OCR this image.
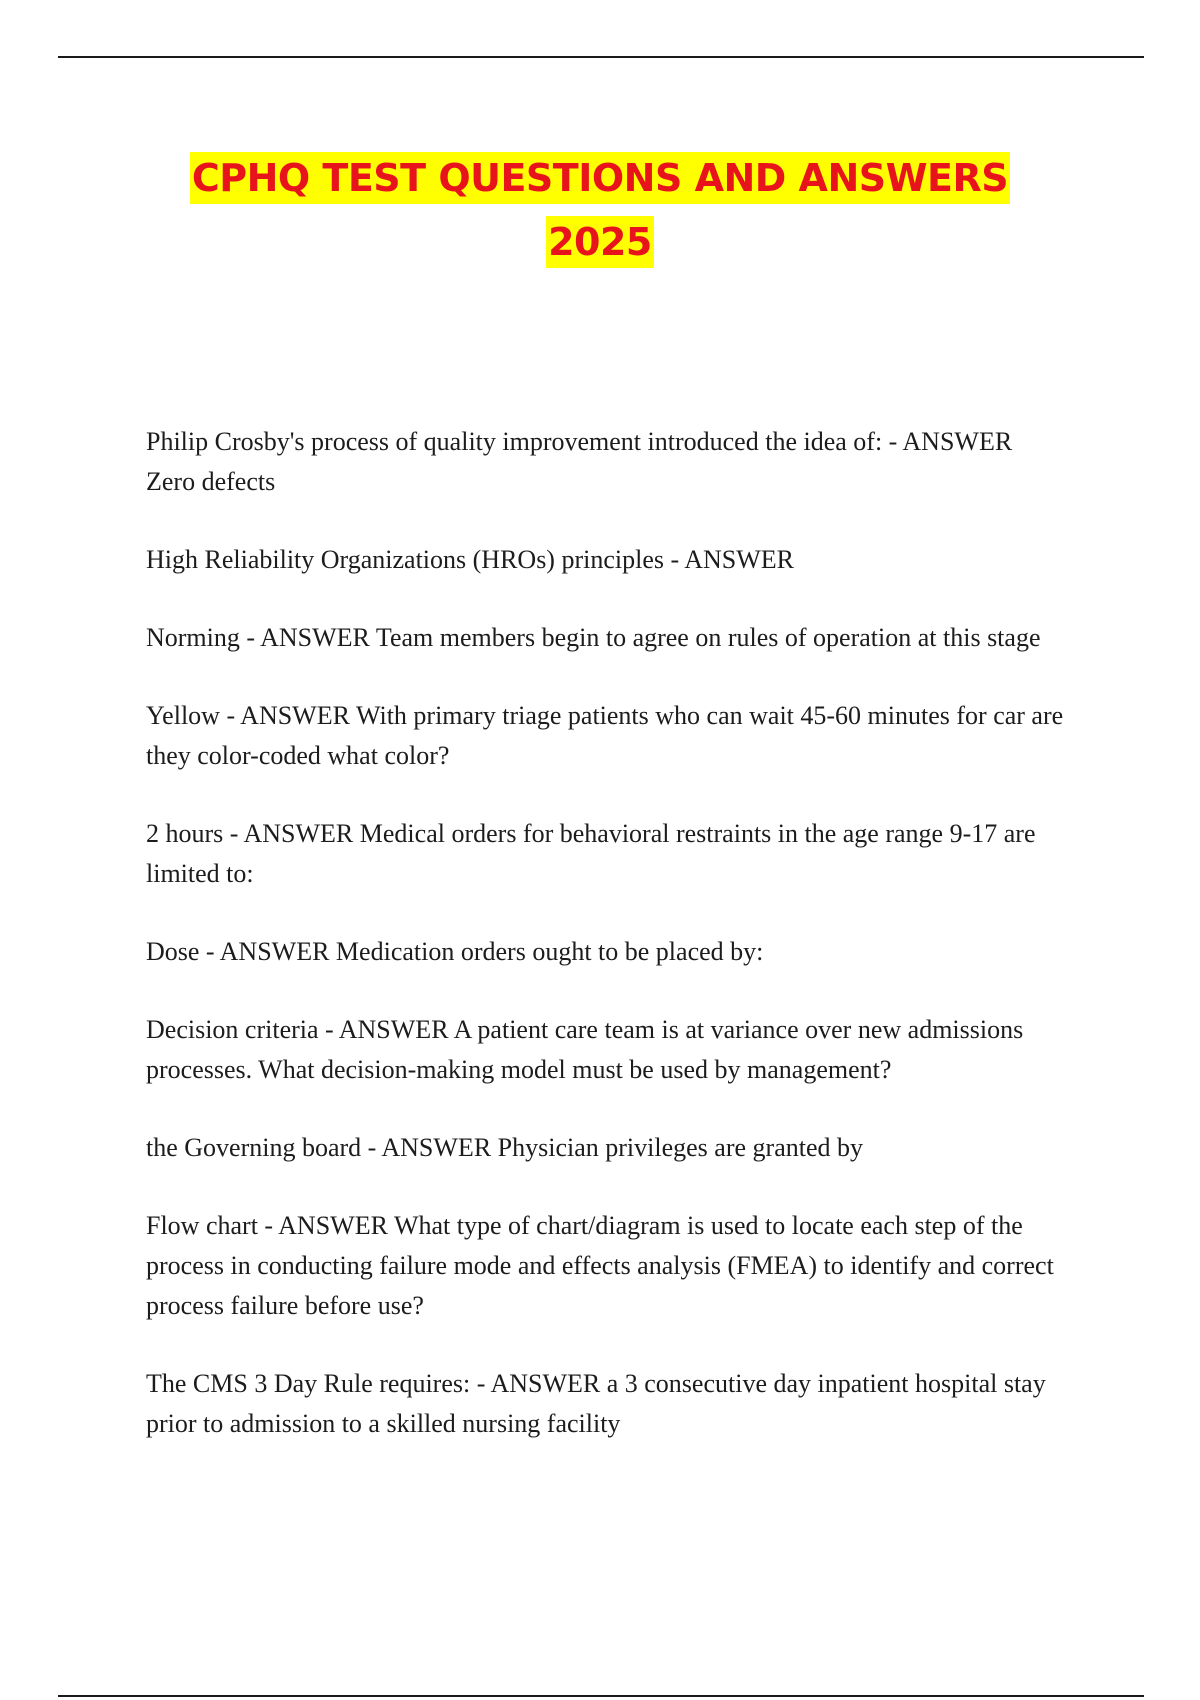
CPHQ TEST QUESTIONS AND ANSWERS
2025

Philip Crosby's process of quality improvement introduced the idea of: - ANSWER Zero defects

High Reliability Organizations (HROs) principles - ANSWER

Norming - ANSWER Team members begin to agree on rules of operation at this stage

Yellow - ANSWER With primary triage patients who can wait 45-60 minutes for car are they color-coded what color?

2 hours - ANSWER Medical orders for behavioral restraints in the age range 9-17 are limited to:

Dose - ANSWER Medication orders ought to be placed by:

Decision criteria - ANSWER A patient care team is at variance over new admissions processes. What decision-making model must be used by management?

the Governing board - ANSWER Physician privileges are granted by

Flow chart - ANSWER What type of chart/diagram is used to locate each step of the process in conducting failure mode and effects analysis (FMEA) to identify and correct process failure before use?

The CMS 3 Day Rule requires: - ANSWER a 3 consecutive day inpatient hospital stay prior to admission to a skilled nursing facility
